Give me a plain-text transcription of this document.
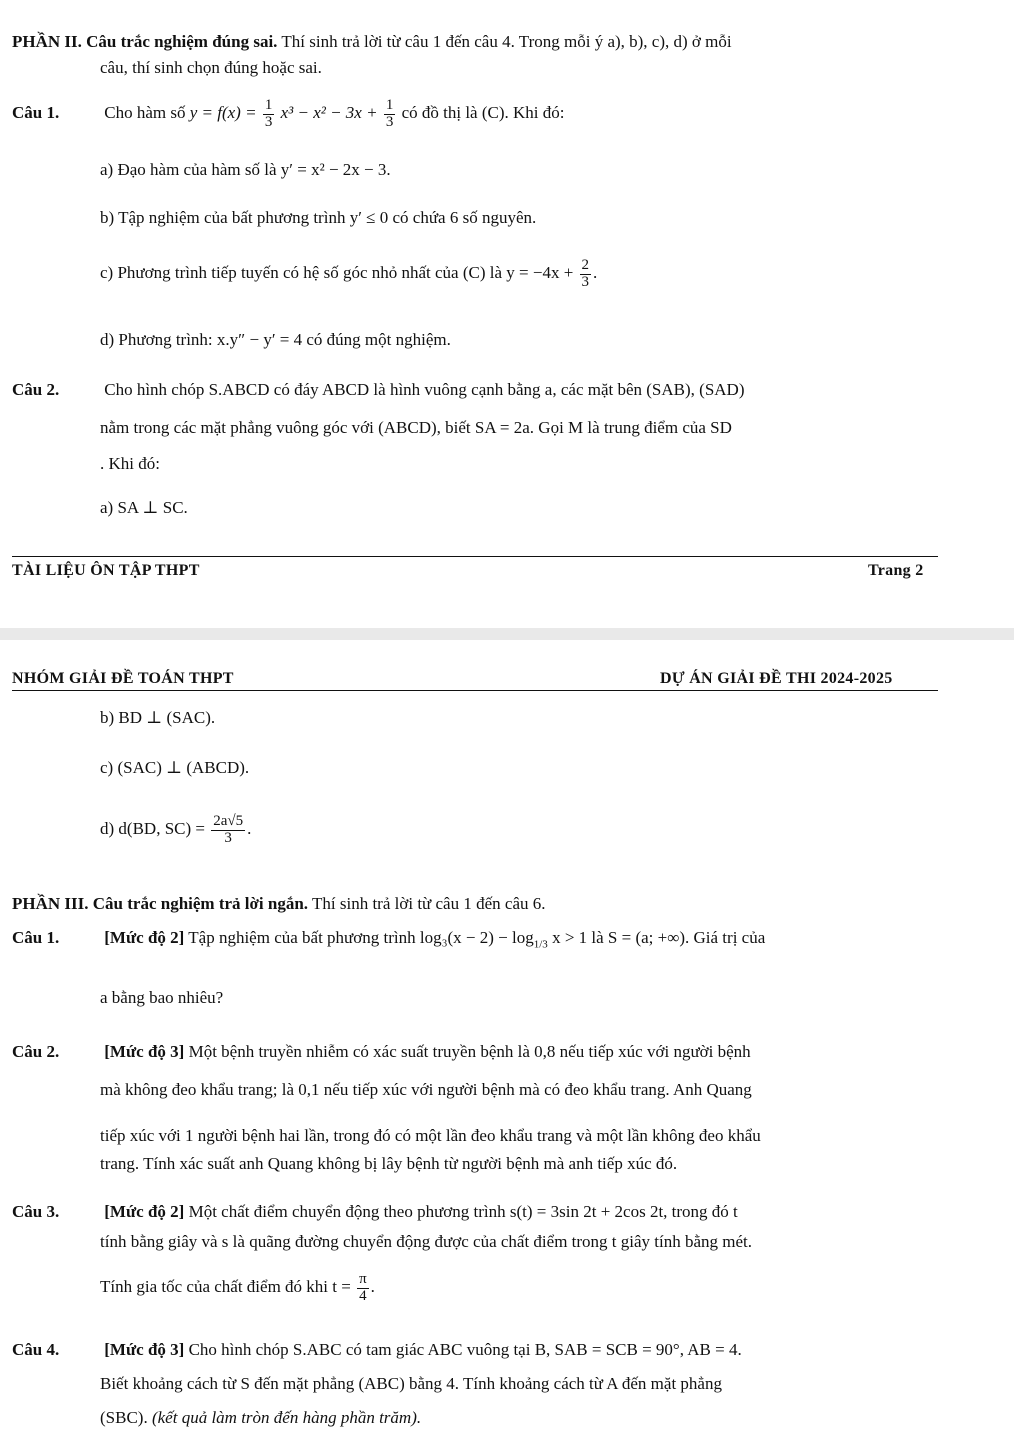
PHẦN II. Câu trắc nghiệm đúng sai. Thí sinh trả lời từ câu 1 đến câu 4. Trong mỗi ý a), b), c), d) ở mỗi
câu, thí sinh chọn đúng hoặc sai.
Câu 1.	Cho hàm số $y = f(x) = \frac{1}{3} x^3 - x^2 - 3x + \frac{1}{3}$ có đồ thị là (C). Khi đó:
a) Đạo hàm của hàm số là y′ = x² − 2x − 3.
b) Tập nghiệm của bất phương trình y′ ≤ 0 có chứa 6 số nguyên.
c) Phương trình tiếp tuyến có hệ số góc nhỏ nhất của (C) là $y = -4x + \frac{2}{3}$ .
d) Phương trình: x.y″ − y′ = 4 có đúng một nghiệm.
Câu 2.	Cho hình chóp S.ABCD có đáy ABCD là hình vuông cạnh bằng a, các mặt bên (SAB), (SAD)
nằm trong các mặt phẳng vuông góc với (ABCD), biết SA = 2a. Gọi M là trung điểm của SD
. Khi đó:
a) SA ⊥ SC.
TÀI LIỆU ÔN TẬP THPT	Trang 2
NHÓM GIẢI ĐỀ TOÁN THPT	DỰ ÁN GIẢI ĐỀ THI 2024-2025
b) BD ⊥ (SAC).
c) (SAC) ⊥ (ABCD).
d) d(BD, $SC) = \frac{2a√5}{3}$ .
PHẦN III. Câu trắc nghiệm trả lời ngắn. Thí sinh trả lời từ câu 1 đến câu 6.
Câu 1.	[Mức độ 2] Tập nghiệm của bất phương trình $\log_3(x - 2) - \log_{1/3} x > 1$ là S = (a; +∞). Giá trị của
a bằng bao nhiêu?
Câu 2.	[Mức độ 3] Một bệnh truyền nhiễm có xác suất truyền bệnh là 0,8 nếu tiếp xúc với người bệnh
mà không đeo khẩu trang; là 0,1 nếu tiếp xúc với người bệnh mà có đeo khẩu trang. Anh Quang
tiếp xúc với 1 người bệnh hai lần, trong đó có một lần đeo khẩu trang và một lần không đeo khẩu
trang. Tính xác suất anh Quang không bị lây bệnh từ người bệnh mà anh tiếp xúc đó.
Câu 3.	[Mức độ 2] Một chất điểm chuyển động theo phương trình s(t) = 3sin 2t + 2cos 2t, trong đó t
tính bằng giây và s là quãng đường chuyển động được của chất điểm trong t giây tính bằng mét.
Tính gia tốc của chất điểm đó khi $t = \frac{\pi}{4}$ .
Câu 4.	[Mức độ 3] Cho hình chóp S.ABC có tam giác ABC vuông tại B, SAB = SCB = 90°, AB = 4.
Biết khoảng cách từ S đến mặt phẳng (ABC) bằng 4. Tính khoảng cách từ A đến mặt phẳng
(SBC). (kết quả làm tròn đến hàng phần trăm).
